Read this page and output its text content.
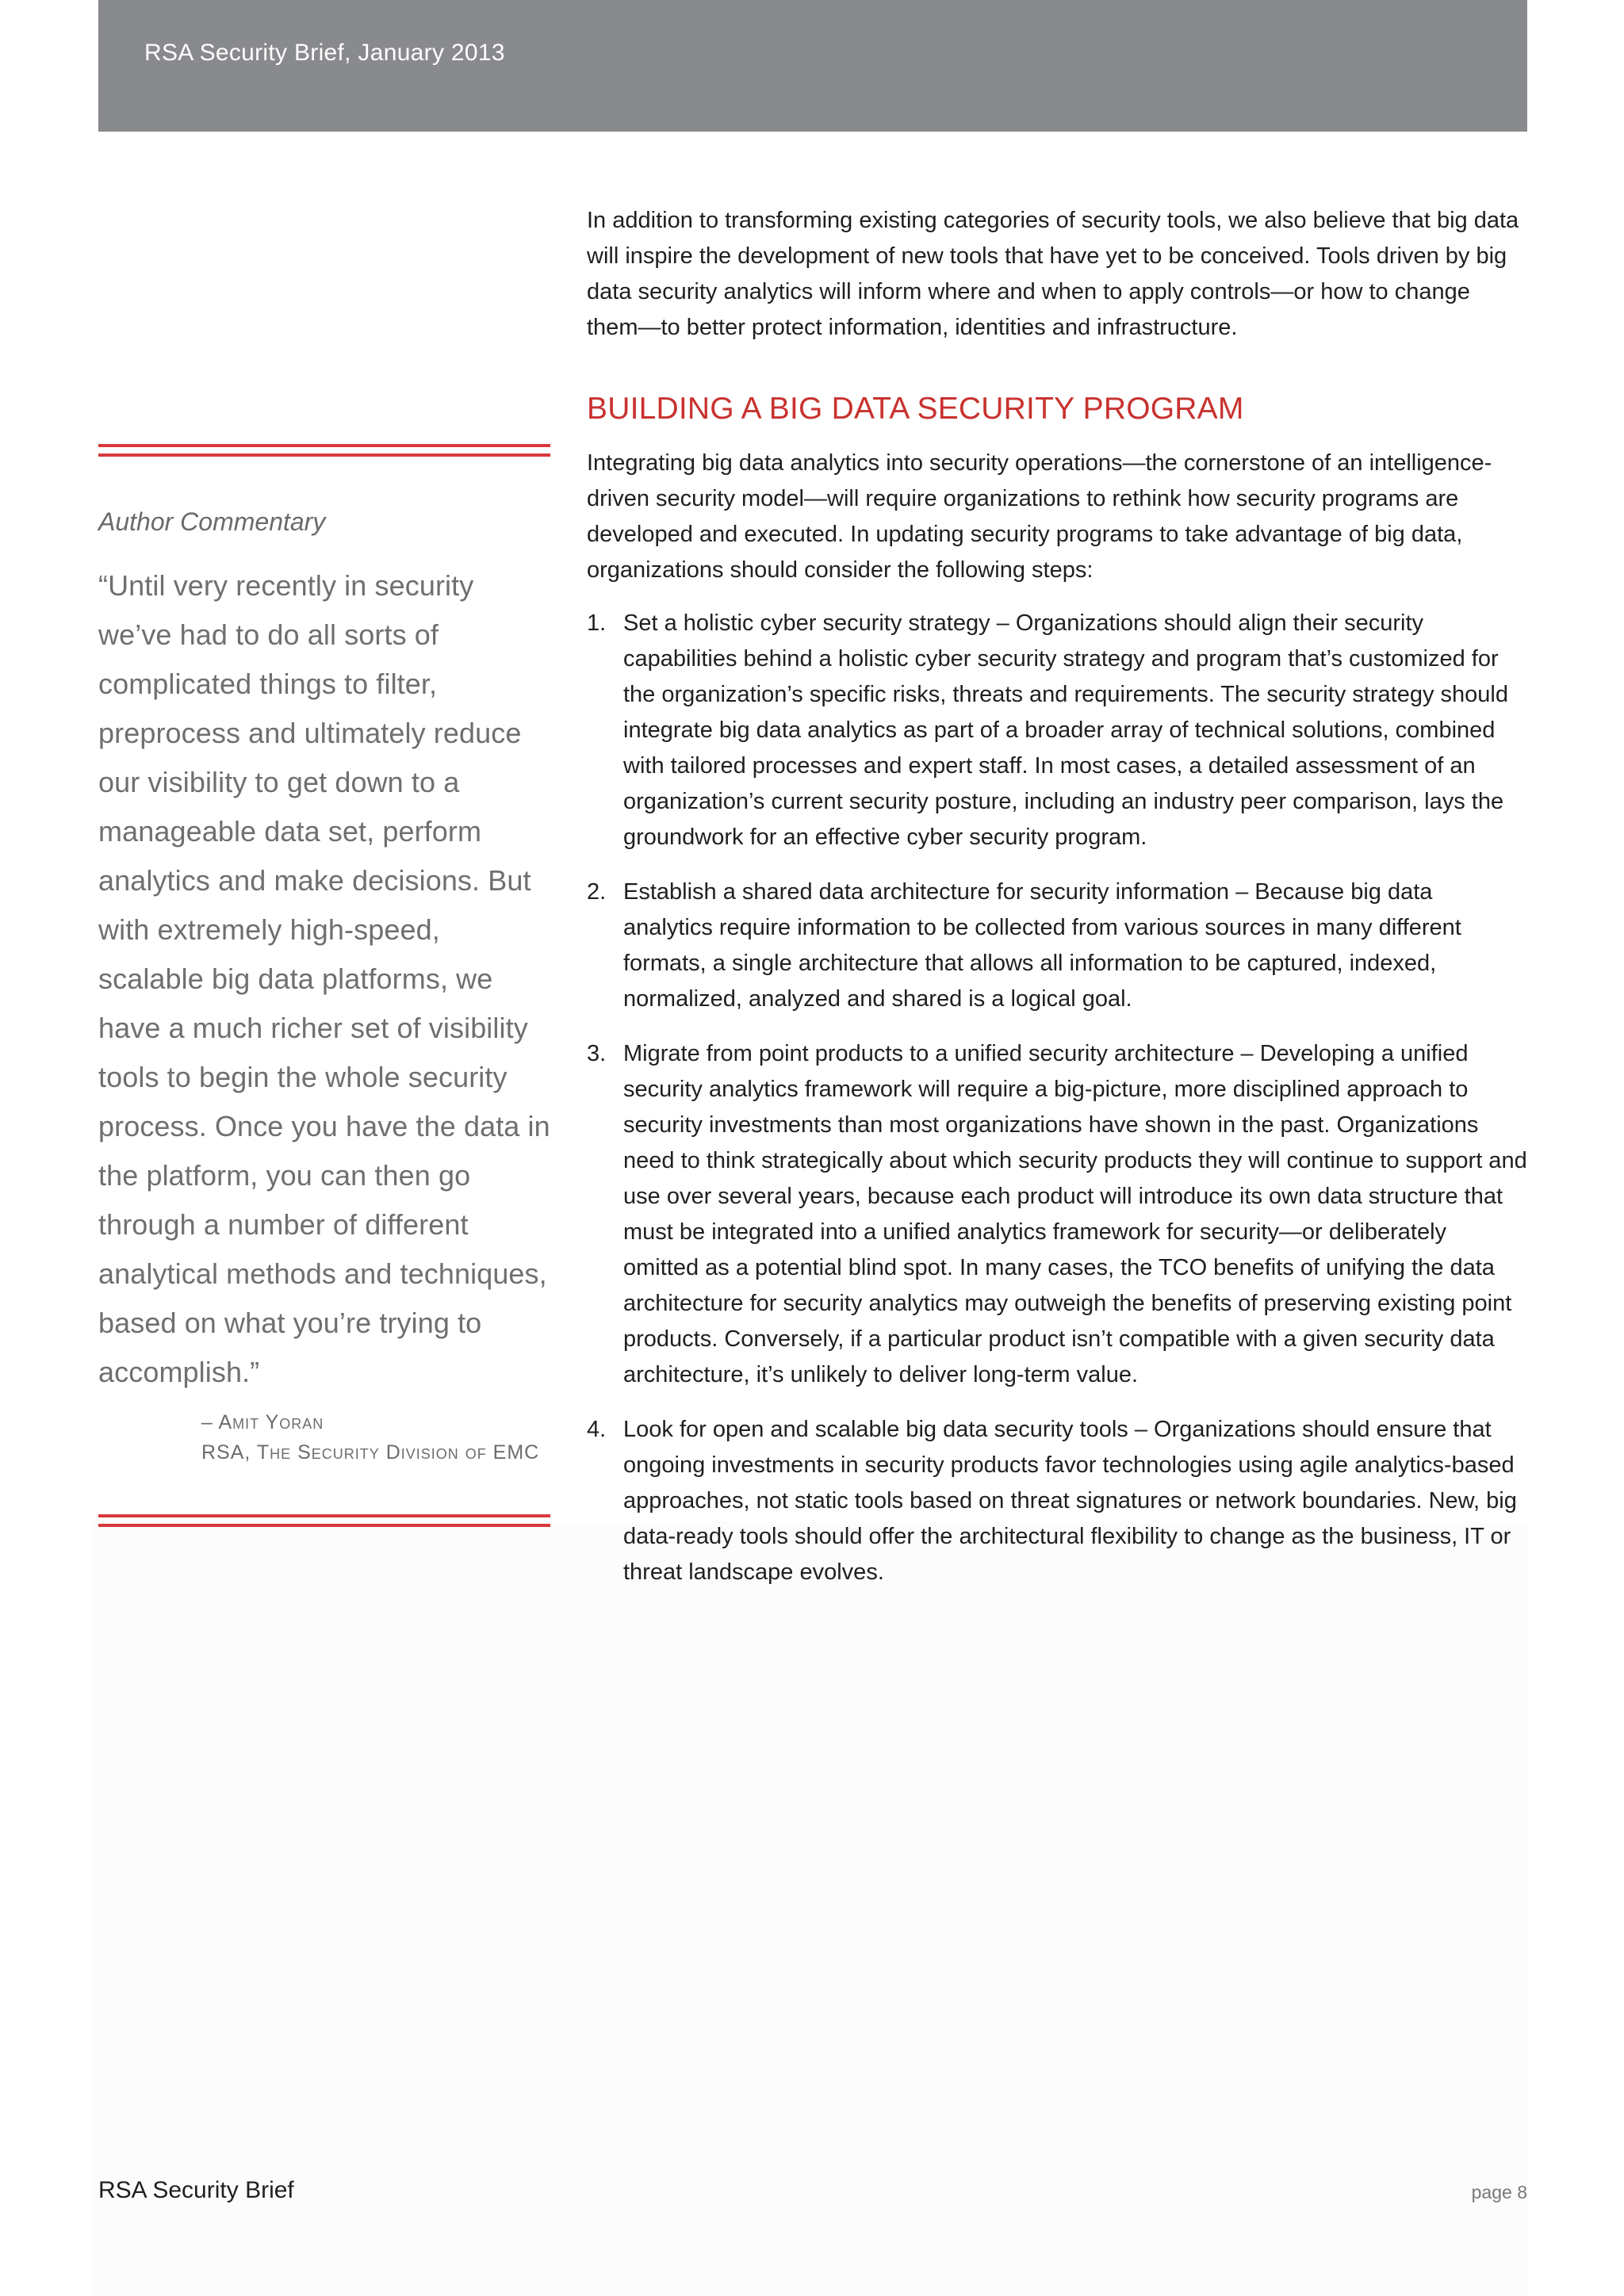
RSA Security Brief, January 2013

In addition to transforming existing categories of security tools, we also believe that big data will inspire the development of new tools that have yet to be conceived. Tools driven by big data security analytics will inform where and when to apply controls—or how to change them—to better protect information, identities and infrastructure.

BUILDING A BIG DATA SECURITY PROGRAM

Integrating big data analytics into security operations—the cornerstone of an intelligence-driven security model—will require organizations to rethink how security programs are developed and executed. In updating security programs to take advantage of big data, organizations should consider the following steps:

1. Set a holistic cyber security strategy – Organizations should align their security capabilities behind a holistic cyber security strategy and program that’s customized for the organization’s specific risks, threats and requirements. The security strategy should integrate big data analytics as part of a broader array of technical solutions, combined with tailored processes and expert staff. In most cases, a detailed assessment of an organization’s current security posture, including an industry peer comparison, lays the groundwork for an effective cyber security program.
2. Establish a shared data architecture for security information – Because big data analytics require information to be collected from various sources in many different formats, a single architecture that allows all information to be captured, indexed, normalized, analyzed and shared is a logical goal.
3. Migrate from point products to a unified security architecture – Developing a unified security analytics framework will require a big-picture, more disciplined approach to security investments than most organizations have shown in the past. Organizations need to think strategically about which security products they will continue to support and use over several years, because each product will introduce its own data structure that must be integrated into a unified analytics framework for security—or deliberately omitted as a potential blind spot. In many cases, the TCO benefits of unifying the data architecture for security analytics may outweigh the benefits of preserving existing point products. Conversely, if a particular product isn’t compatible with a given security data architecture, it’s unlikely to deliver long-term value.
4. Look for open and scalable big data security tools – Organizations should ensure that ongoing investments in security products favor technologies using agile analytics-based approaches, not static tools based on threat signatures or network boundaries. New, big data-ready tools should offer the architectural flexibility to change as the business, IT or threat landscape evolves.
Author Commentary
“Until very recently in security we’ve had to do all sorts of complicated things to filter, preprocess and ultimately reduce our visibility to get down to a manageable data set, perform analytics and make decisions. But with extremely high-speed, scalable big data platforms, we have a much richer set of visibility tools to begin the whole security process. Once you have the data in the platform, you can then go through a number of different analytical methods and techniques, based on what you’re trying to accomplish.”
– Amit Yoran
RSA, The Security Division of EMC
RSA Security Brief	page 8
